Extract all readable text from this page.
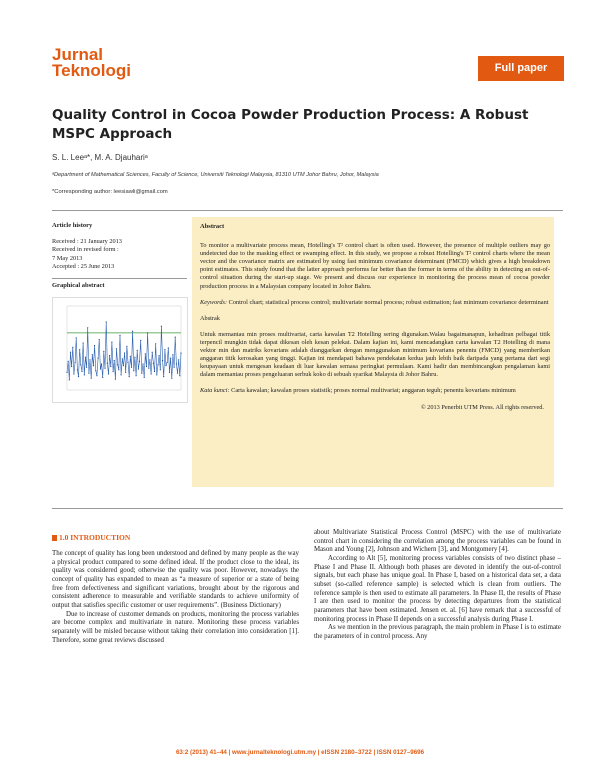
Jurnal
Teknologi	Full paper
Quality Control in Cocoa Powder Production Process: A Robust MSPC Approach
S. L. Leeᵃ*, M. A. Djauhariᵃ
ᵃDepartment of Mathematical Sciences, Faculty of Science, Universiti Teknologi Malaysia, 81310 UTM Johor Bahru, Johor, Malaysia
*Corresponding author: leesiawli@gmail.com
Article history
Received : 21 January 2013
Received in revised form :
7 May 2013
Accepted : 25 June 2013
Graphical abstract
Abstract

To monitor a multivariate process mean, Hotelling's T² control chart is often used. However, the presence of multiple outliers may go undetected due to the masking effect or swamping effect. In this study, we propose a robust Hotelling's T² control charts where the mean vector and the covariance matrix are estimated by using fast minimum covariance determinant (FMCD) which gives a high breakdown point estimates. This study found that the latter approach performs far better than the former in terms of the ability in detecting an out-of-control situation during the start-up stage. We present and discuss our experience in monitoring the process mean of cocoa powder production process in a Malaysian company located in Johor Bahru.

Keywords: Control chart; statistical process control; multivariate normal process; robust estimation; fast minimum covariance determinant

Abstrak

Untuk memantau min proses multivariat, carta kawalan T2 Hotelling sering digunakan.Walau bagaimanapun, kehadiran pelbagai titik terpencil mungkin tidak dapat dikesan oleh kesan pelekat. Dalam kajian ini, kami mencadangkan carta kawalan T2 Hotelling di mana vektor min dan matriks kovarians adalah dianggarkan dengan menggunakan minimum kovarians penentu (FMCD) yang memberikan anggaran titik kerosakan yang tinggi. Kajian ini mendapati bahawa pendekatan kedua jauh lebih baik daripada yang pertama dari segi keupayaan untuk mengesan keadaan di luar kawalan semasa peringkat permulaan. Kami hadir dan membincangkan pengalaman kami dalam memantau proses pengeluaran serbuk koko di sebuah syarikat Malaysia di Johor Bahru.

Kata kunci: Carta kawalan; kawalan proses statistik; proses normal multivariat; anggaran teguh; penentu kovarians minimum

© 2013 Penerbit UTM Press. All rights reserved.

1.0 INTRODUCTION

The concept of quality has long been understood and defined by many people as the way a physical product compared to some defined ideal. If the product close to the ideal, its quality was considered good; otherwise the quality was poor. However, nowadays the concept of quality has expanded to mean as “a measure of superior or a state of being free from defectiveness and significant variations, brought about by the rigorous and consistent adherence to measurable and verifiable standards to achieve uniformity of output that satisfies specific customer or user requirements”. (Business Dictionary)

Due to increase of customer demands on products, monitoring the process variables are become complex and multivariate in nature. Monitoring these process variables separately will be misled because without taking their correlation into consideration [1]. Therefore, some great reviews discussed

about Multivariate Statistical Process Control (MSPC) with the use of multivariate control chart in considering the correlation among the process variables can be found in Mason and Young [2], Johnson and Wichern [3], and Montgomery [4].

According to Alt [5], monitoring process variables consists of two distinct phase – Phase I and Phase II. Although both phases are devoted in identify the out-of-control signals, but each phase has unique goal. In Phase I, based on a historical data set, a data subset (so-called reference sample) is selected which is clean from outliers. The reference sample is then used to estimate all parameters. In Phase II, the results of Phase I are then used to monitor the process by detecting departures from the statistical parameters that have been estimated. Jensen et. al. [6] have remark that a successful of monitoring process in Phase II depends on a successful analysis during Phase I.

As we mention in the previous paragraph, the main problem in Phase I is to estimate the parameters of in control process. Any

63:2 (2013) 41–44 | www.jurnalteknologi.utm.my | eISSN 2180–3722 | ISSN 0127–9696
